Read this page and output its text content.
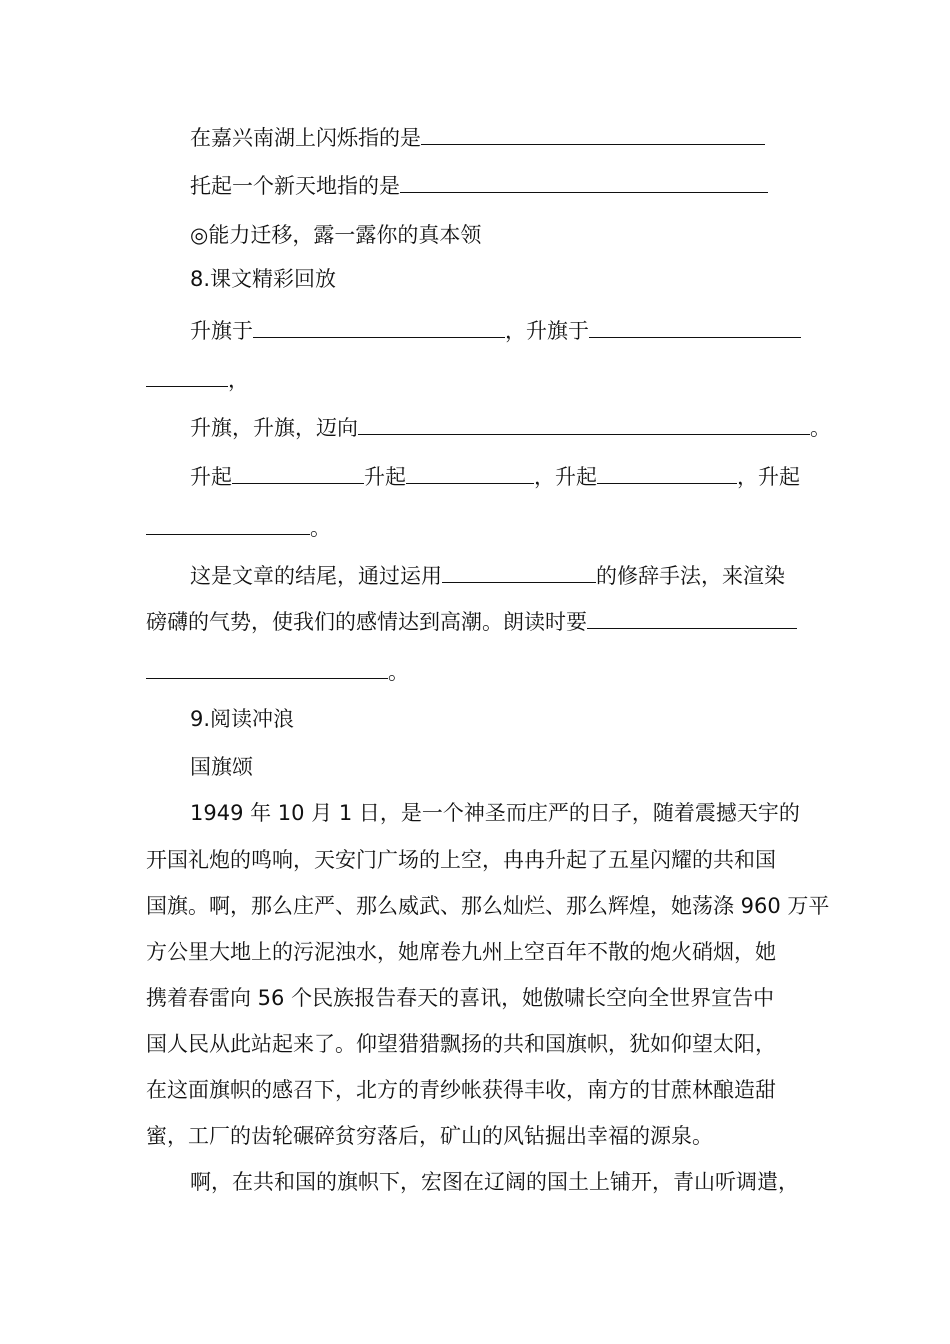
在嘉兴南湖上闪烁指的是
托起一个新天地指的是
◎能力迁移，露一露你的真本领
8.课文精彩回放
升旗于	，升旗于
，
升旗，升旗，迈向	。
升起	升起	，升起	，升起
。
这是文章的结尾，通过运用	的修辞手法，来渲染
磅礴的气势，使我们的感情达到高潮。朗读时要
。
9.阅读冲浪
国旗颂
1949 年 10 月 1 日，是一个神圣而庄严的日子，随着震撼天宇的
开国礼炮的鸣响，天安门广场的上空，冉冉升起了五星闪耀的共和国
国旗。啊，那么庄严、那么威武、那么灿烂、那么辉煌，她荡涤 960 万平
方公里大地上的污泥浊水，她席卷九州上空百年不散的炮火硝烟，她
携着春雷向 56 个民族报告春天的喜讯，她傲啸长空向全世界宣告中
国人民从此站起来了。仰望猎猎飘扬的共和国旗帜，犹如仰望太阳，
在这面旗帜的感召下，北方的青纱帐获得丰收，南方的甘蔗林酿造甜
蜜，工厂的齿轮碾碎贫穷落后，矿山的风钻掘出幸福的源泉。
啊，在共和国的旗帜下，宏图在辽阔的国土上铺开，青山听调遣，
